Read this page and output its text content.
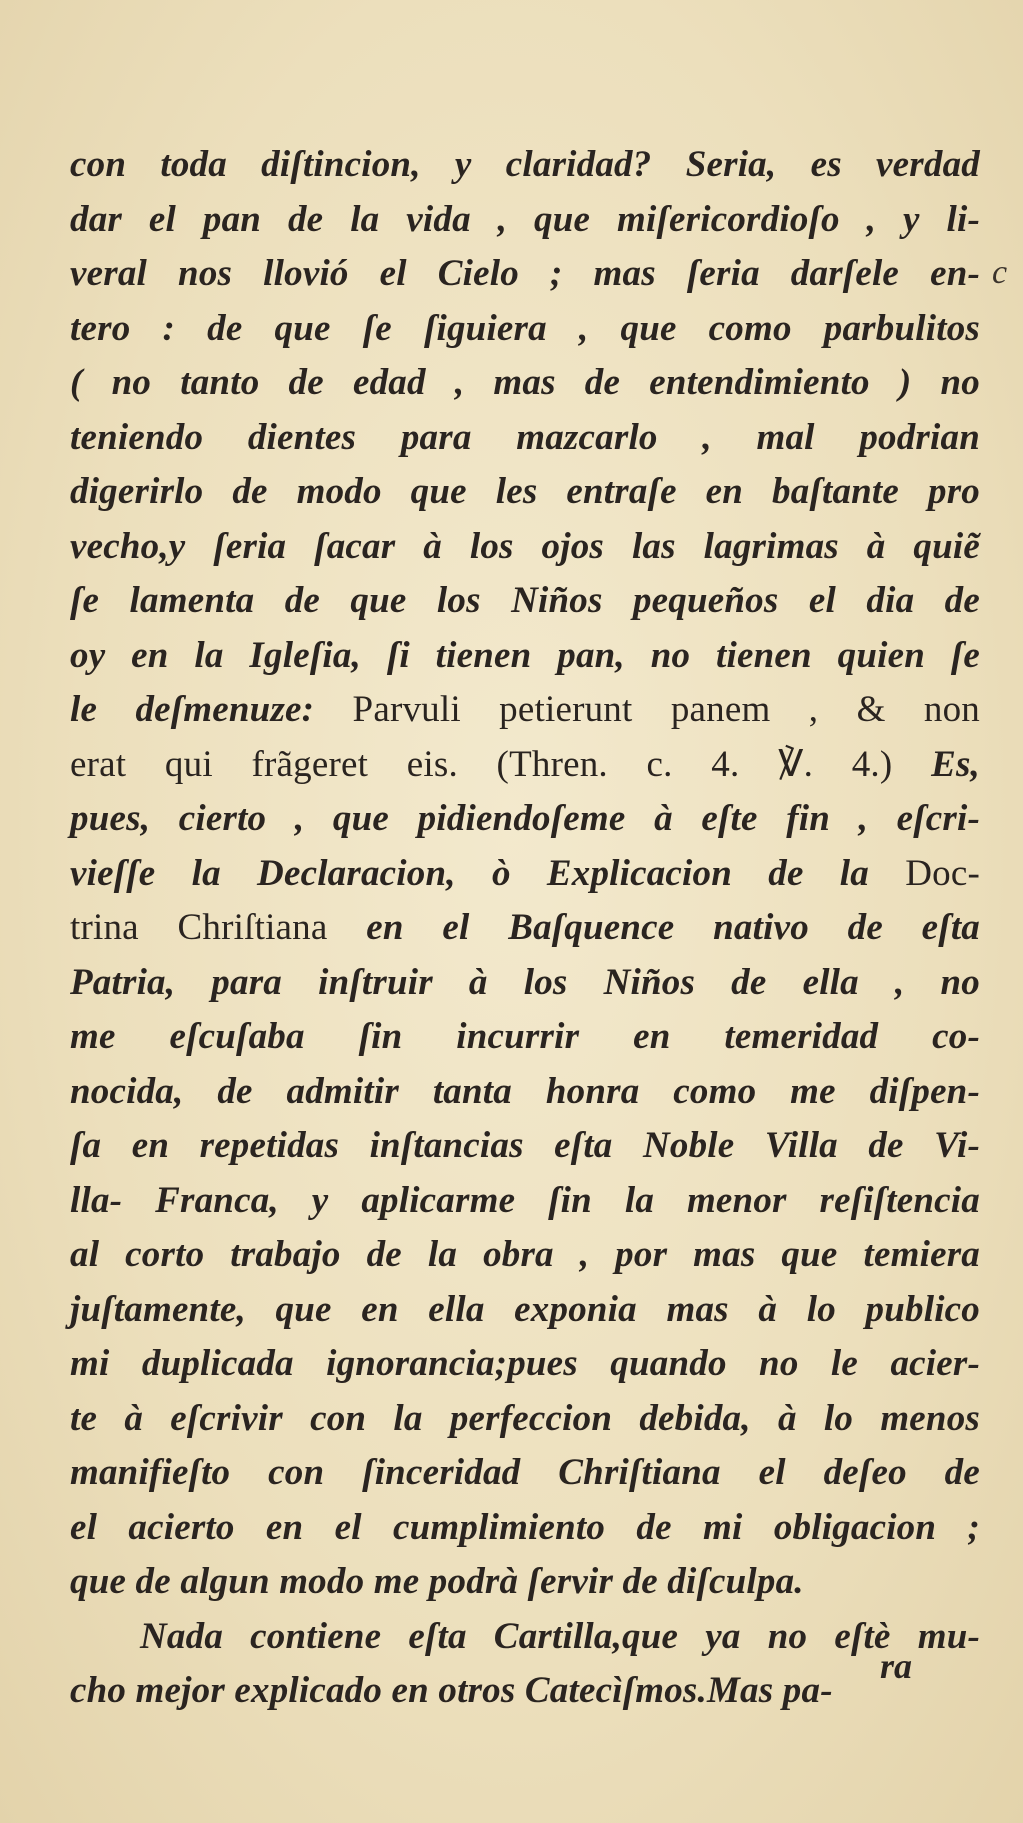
con toda diſtincion, y claridad? Seria, es verdad
dar el pan de la vida , que miſericordioſo , y li-
veral nos llovió el Cielo ; mas ſeria darſele en-
tero : de que ſe ſiguiera , que como parbulitos
( no tanto de edad , mas de entendimiento ) no
teniendo dientes para mazcarlo , mal podrian
digerirlo de modo que les entraſe en baſtante pro
vecho,y ſeria ſacar à los ojos las lagrimas à quiẽ
ſe lamenta de que los Niños pequeños el dia de
oy en la Igleſia, ſi tienen pan, no tienen quien ſe
le deſmenuze: Parvuli petierunt panem , & non
erat qui frãgeret eis. (Thren. c. 4. ℣. 4.) Es,
pues, cierto , que pidiendoſeme à eſte fin , eſcri-
vieſſe la Declaracion, ò Explicacion de la Doc-
trina Chriſtiana en el Baſquence nativo de eſta
Patria, para inſtruir à los Niños de ella , no
me eſcuſaba ſin incurrir en temeridad co-
nocida, de admitir tanta honra como me diſpen-
ſa en repetidas inſtancias eſta Noble Villa de Vi-
lla- Franca, y aplicarme ſin la menor reſiſtencia
al corto trabajo de la obra , por mas que temiera
juſtamente, que en ella exponia mas à lo publico
mi duplicada ignorancia;pues quando no le acier-
te à eſcrivir con la perfeccion debida, à lo menos
manifieſto con ſinceridad Chriſtiana el deſeo de
el acierto en el cumplimiento de mi obligacion ;
que de algun modo me podrà ſervir de diſculpa.
Nada contiene eſta Cartilla,que ya no eſtè mu-
cho mejor explicado en otros Catecìſmos.Mas pa-
ra
c
